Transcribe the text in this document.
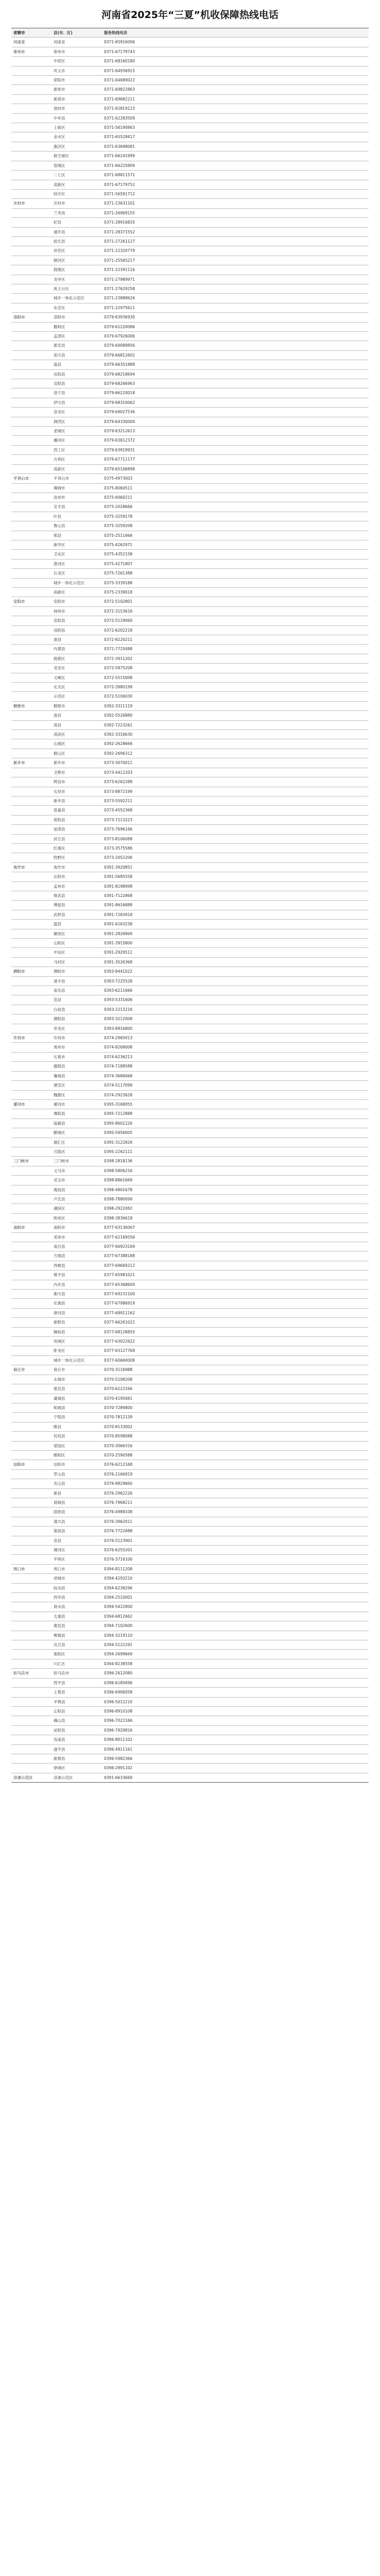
河南省2025年“三夏”机收保障热线电话
省辖市	县(市、区)	服务热线电话
河南省	河南省	0371-65916006
郑州市	郑州市	0371-67179743
	中原区	0371-68160180
	巩义市	0371-64936915
	荥阳市	0371-64689022
	新密市	0371-69822863
	新郑市	0371-69682211
	登封市	0371-62819123
	中牟县	0371-62283509
	上街区	0371-56190863
	金水区	0371-65528417
	惠济区	0371-63698081
	航空港区	0371-66241999
	管城区	0371-66225809
	二七区	0371-68811571
	高新区	0371-67179752
	经开区	0371-56591712
开封市	开封市	0371-23631101
	兰考县	0371-26969155
	杞县	0371-28916820
	通许县	0371-28371552
	尉氏县	0371-27261127
	祥符区	0371-22320779
	顺河区	0371-25565217
	鼓楼区	0371-22391116
	龙亭区	0371-27989971
	禹王台区	0371-27629258
	城乡一体化示范区	0371-23888626
	东京区	0371-22975611
洛阳市	洛阳市	0379-63936930
	偃师区	0379-61220086
	孟津区	0379-67926006
	新安县	0379-69089856
	栾川县	0379-66812602
	嵩县	0379-66351888
	汝阳县	0379-68218694
	宜阳县	0379-68266963
	洛宁县	0379-66220018
	伊川县	0379-68310062
	洛龙区	0379-69027536
	涧西区	0379-64330000
	老城区	0379-63212613
	瀍河区	0379-63612372
	西工区	0379-63919931
	吉利区	0379-67711177
	高新区	0379-65106898
平顶山市	平顶山市	0375-4973003
	舞钢市	0375-8060511
	汝州市	0375-6060211
	宝丰县	0375-2018666
	叶县	0375-3259178
	鲁山县	0375-3259208
	郏县	0375-2511666
	新华区	0375-4262971
	卫东区	0375-4352158
	湛河区	0375-4271807
	石龙区	0375-7261388
	城乡一体化示范区	0375-3339188
	高新区	0375-2339018
安阳市	安阳市	0372-5102801
	林州市	0372-3153616
	安阳县	0372-5129060
	汤阴县	0372-6202218
	滑县	0372-8220211
	内黄县	0372-7725088
	殷都区	0372-3911202
	龙安区	0372-5975208
	文峰区	0372-5515008
	北关区	0372-3980199
	示范区	0372-5106030
鹤壁市	鹤壁市	0392-3311119
	浚县	0392-5526880
	淇县	0392-7223261
	淇滨区	0392-3316630
	山城区	0392-2628666
	鹤山区	0392-2696312
新乡市	新乡市	0373-3070011
	卫辉市	0373-4412203
	辉县市	0373-6262288
	长垣市	0373-8872199
	新乡县	0373-5592211
	获嘉县	0373-4552368
	原阳县	0373-7213223
	延津县	0373-7696166
	封丘县	0373-8106088
	红旗区	0373-3575586
	牧野区	0373-2052206
焦作市	焦作市	0391-3920851
	沁阳市	0391-5685558
	孟州市	0391-8198998
	修武县	0391-7122868
	博爱县	0391-8616888
	武陟县	0391-7283918
	温县	0391-6163238
	解放区	0391-2826869
	山阳区	0391-3915800
	中站区	0391-2929511
	马村区	0391-3526368
濮阳市	濮阳市	0393-8441022
	清丰县	0393-7225528
	南乐县	0393-6211666
	范县	0393-5331606
	台前县	0393-2213216
	濮阳县	0393-3212008
	华龙区	0393-8916800
许昌市	许昌市	0374-2965013
	禹州市	0374-8268008
	长葛市	0374-6236213
	鄢陵县	0374-7188588
	襄城县	0374-3686068
	建安区	0374-5117099
	魏都区	0374-2923628
漯河市	漯河市	0395-3168055
	舞阳县	0395-7212888
	临颍县	0395-8601226
	郾城区	0395-5956005
	源汇区	0395-3122826
	召陵区	0395-2262111
三门峡市	三门峡市	0398-2818136
	义马市	0398-5806216
	灵宝市	0398-8861669
	渑池县	0398-4801678
	卢氏县	0398-7880099
	湖滨区	0398-2922082
	陕州区	0398-3836618
南阳市	南阳市	0377-63136067
	邓州市	0377-62169556
	南召县	0377-66923169
	方城县	0377-67388188
	西峡县	0377-69669212
	镇平县	0377-65981021
	内乡县	0377-65368600
	淅川县	0377-69231100
	社旗县	0377-67986919
	唐河县	0377-68911162
	新野县	0377-66261022
	桐柏县	0377-68128855
	宛城区	0377-63022622
	卧龙区	0377-63127769
	城乡一体化示范区	0377-60660008
商丘市	商丘市	0370-3116988
	永城市	0370-5108208
	夏邑县	0370-6222166
	虞城县	0370-4195081
	柘城县	0370-7289800
	宁陵县	0370-7812139
	睢县	0370-8133002
	民权县	0370-8598088
	梁园区	0370-3066316
	睢阳区	0370-2590588
信阳市	信阳市	0376-6212168
	罗山县	0376-2166919
	光山县	0376-8829660
	新县	0376-2962226
	商城县	0376-7968211
	固始县	0376-4988108
	潢川县	0376-3962011
	淮滨县	0376-7722688
	息县	0376-5123901
	浉河区	0376-6255201
	平桥区	0376-3716100
周口市	周口市	0394-8111208
	项城市	0394-4293210
	扶沟县	0394-6238296
	西华县	0394-2510001
	商水县	0394-5422800
	太康县	0394-6812662
	鹿邑县	0394-7102600
	郸城县	0394-3219110
	沈丘县	0394-5122291
	淮阳区	0394-2699669
	川汇区	0394-8238558
驻马店市	驻马店市	0396-2612080
	西平县	0396-6185696
	上蔡县	0396-6906058
	平舆县	0396-5012210
	正阳县	0396-8910108
	确山县	0396-7022166
	泌阳县	0396-7920816
	汝南县	0396-8011102
	遂平县	0396-4911161
	新蔡县	0396-5982366
	驿城区	0396-2891102
济源示范区	济源示范区	0391-6633669
